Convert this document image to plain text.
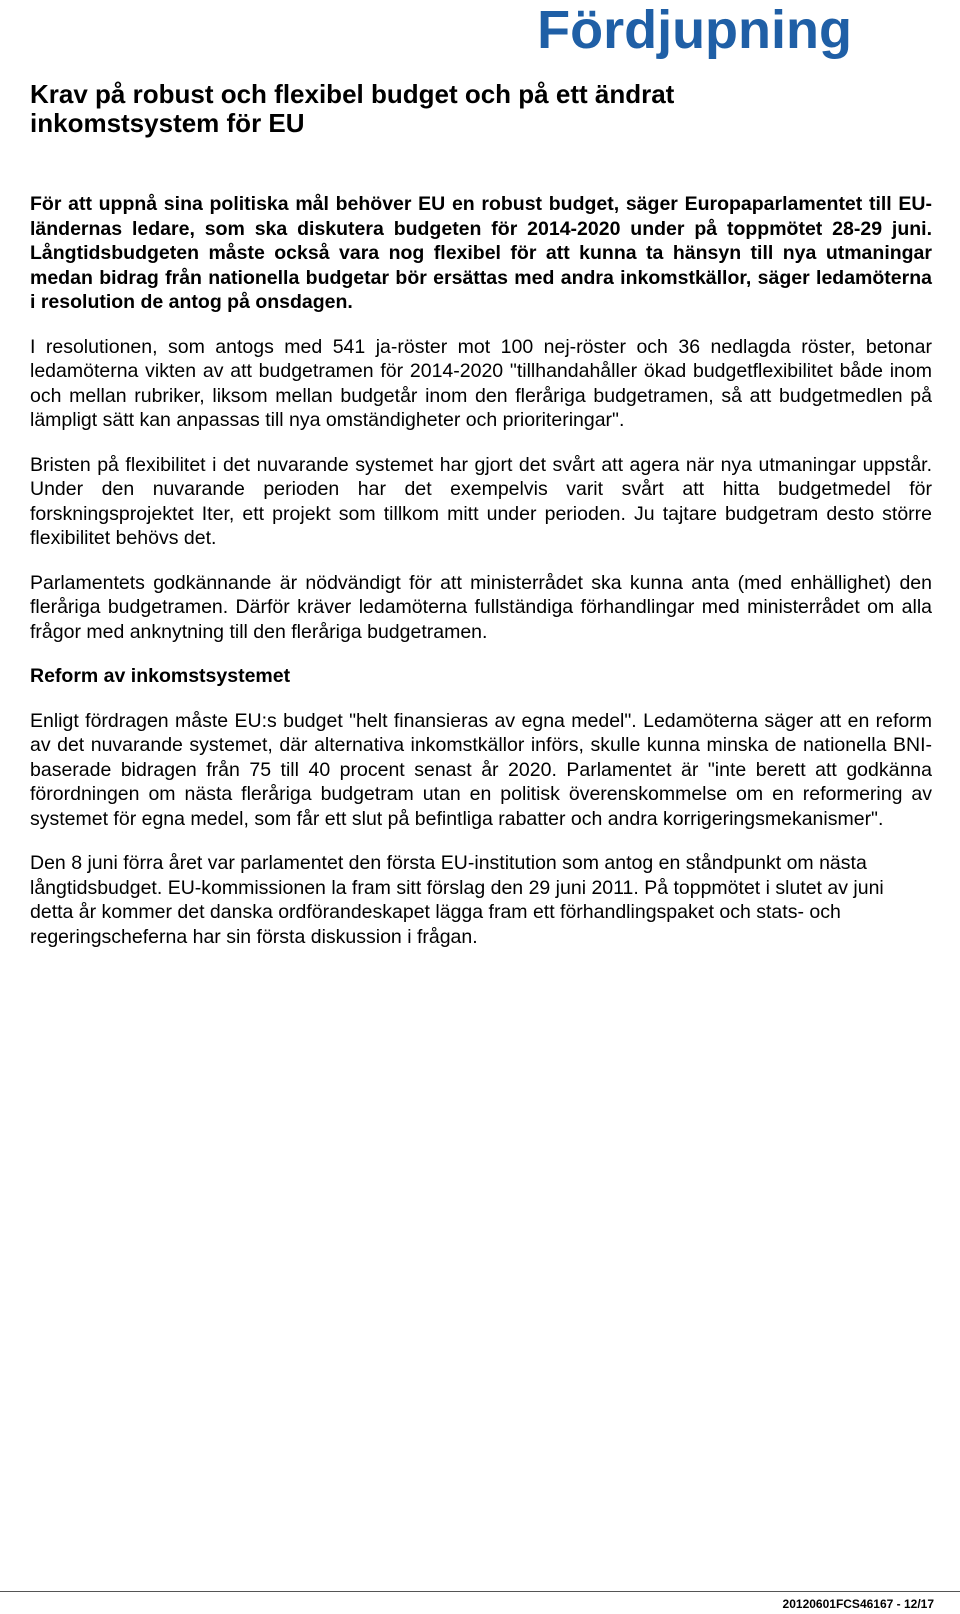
Fördjupning
Krav på robust och flexibel budget och på ett ändrat inkomstsystem för EU

För att uppnå sina politiska mål behöver EU en robust budget, säger Europaparlamentet till EU-ländernas ledare, som ska diskutera budgeten för 2014-2020 under på toppmötet 28-29 juni. Långtidsbudgeten måste också vara nog flexibel för att kunna ta hänsyn till nya utmaningar medan bidrag från nationella budgetar bör ersättas med andra inkomstkällor, säger ledamöterna i resolution de antog på onsdagen.

I resolutionen, som antogs med 541 ja-röster mot 100 nej-röster och 36 nedlagda röster, betonar ledamöterna vikten av att budgetramen för 2014-2020 "tillhandahåller ökad budgetflexibilitet både inom och mellan rubriker, liksom mellan budgetår inom den fleråriga budgetramen, så att budgetmedlen på lämpligt sätt kan anpassas till nya omständigheter och prioriteringar".

Bristen på flexibilitet i det nuvarande systemet har gjort det svårt att agera när nya utmaningar uppstår. Under den nuvarande perioden har det exempelvis varit svårt att hitta budgetmedel för forskningsprojektet Iter, ett projekt som tillkom mitt under perioden. Ju tajtare budgetram desto större flexibilitet behövs det.

Parlamentets godkännande är nödvändigt för att ministerrådet ska kunna anta (med enhällighet) den fleråriga budgetramen. Därför kräver ledamöterna fullständiga förhandlingar med ministerrådet om alla frågor med anknytning till den fleråriga budgetramen.

Reform av inkomstsystemet

Enligt fördragen måste EU:s budget "helt finansieras av egna medel". Ledamöterna säger att en reform av det nuvarande systemet, där alternativa inkomstkällor införs, skulle kunna minska de nationella BNI-baserade bidragen från 75 till 40 procent senast år 2020. Parlamentet är "inte berett att godkänna förordningen om nästa fleråriga budgetram utan en politisk överenskommelse om en reformering av systemet för egna medel, som får ett slut på befintliga rabatter och andra korrigeringsmekanismer".

Den 8 juni förra året var parlamentet den första EU-institution som antog en ståndpunkt om nästa långtidsbudget. EU-kommissionen la fram sitt förslag den 29 juni 2011. På toppmötet i slutet av juni detta år kommer det danska ordförandeskapet lägga fram ett förhandlingspaket och stats- och regeringscheferna har sin första diskussion i frågan.

20120601FCS46167 - 12/17
